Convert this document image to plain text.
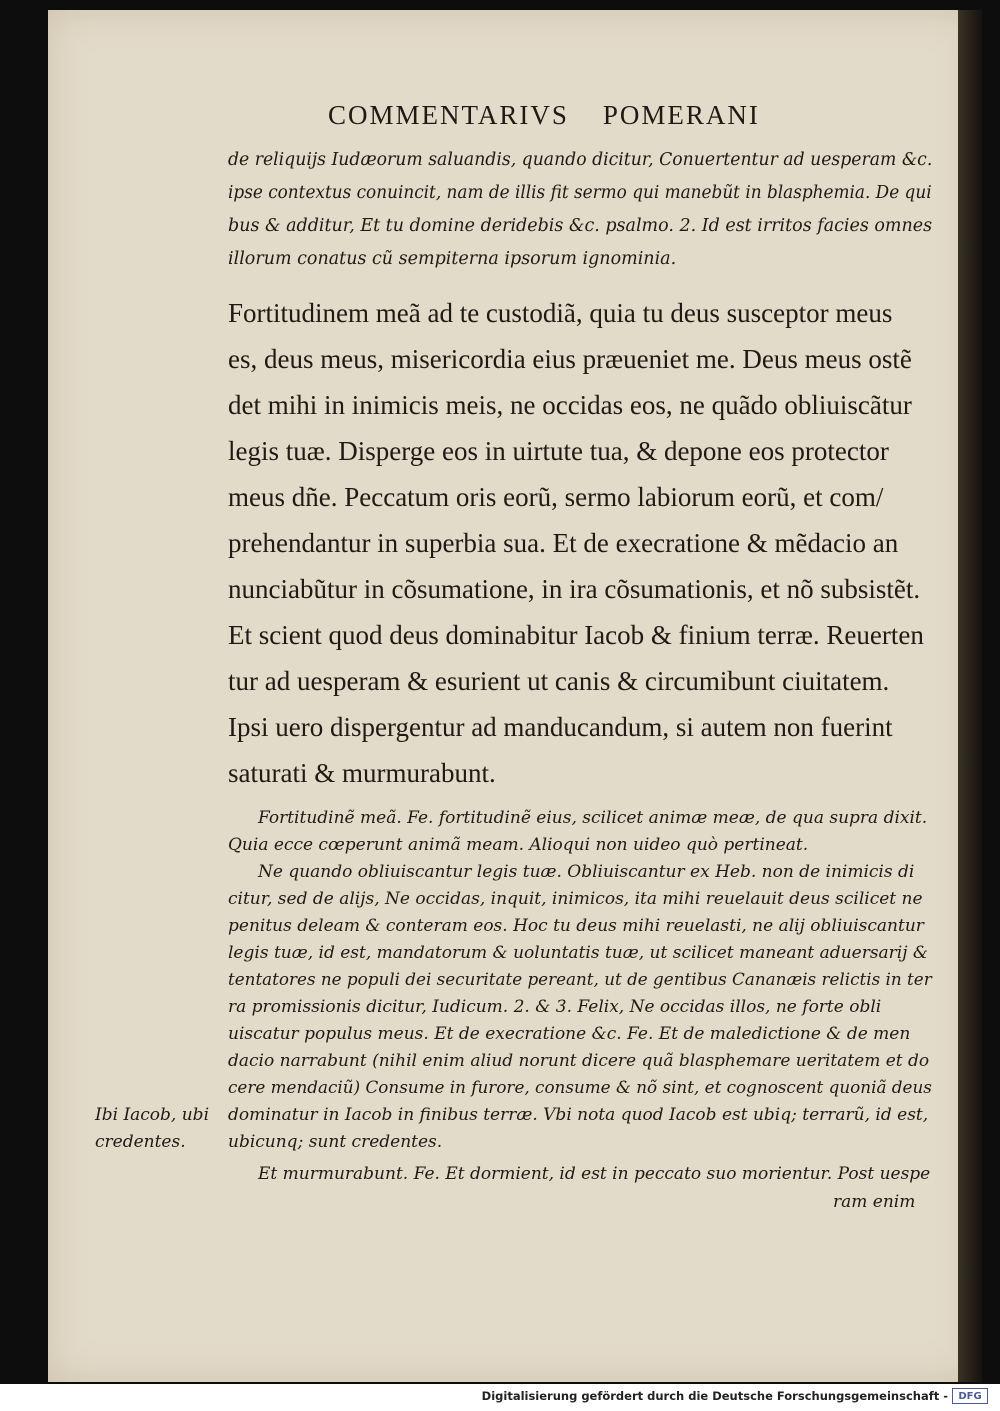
COMMENTARIVS POMERANI
de reliquijs Iudæorum saluandis, quando dicitur, Conuertentur ad uesperam &c.
ipse contextus conuincit, nam de illis fit sermo qui manebũt in blasphemia. De qui
bus & additur, Et tu domine deridebis &c. psalmo. 2. Id est irritos facies omnes
illorum conatus cũ sempiterna ipsorum ignominia.
Fortitudinem meã ad te custodiã, quia tu deus susceptor meus
es, deus meus, misericordia eius præueniet me. Deus meus ostẽ
det mihi in inimicis meis, ne occidas eos, ne quãdo obliuiscãtur
legis tuæ. Disperge eos in uirtute tua, & depone eos protector
meus dñe. Peccatum oris eorũ, sermo labiorum eorũ, et com/
prehendantur in superbia sua. Et de execratione & mẽdacio an
nunciabũtur in cõsumatione, in ira cõsumationis, et nõ subsistẽt.
Et scient quod deus dominabitur Iacob & finium terræ. Reuerten
tur ad uesperam & esurient ut canis & circumibunt ciuitatem.
Ipsi uero dispergentur ad manducandum, si autem non fuerint
saturati & murmurabunt.
Fortitudinẽ meã. Fe. fortitudinẽ eius, scilicet animæ meæ, de qua supra dixit.
Quia ecce cœperunt animã meam. Alioqui non uideo quò pertineat.
Ne quando obliuiscantur legis tuæ. Obliuiscantur ex Heb. non de inimicis di
citur, sed de alijs, Ne occidas, inquit, inimicos, ita mihi reuelauit deus scilicet ne
penitus deleam & conteram eos. Hoc tu deus mihi reuelasti, ne alij obliuiscantur
legis tuæ, id est, mandatorum & uoluntatis tuæ, ut scilicet maneant aduersarij &
tentatores ne populi dei securitate pereant, ut de gentibus Cananæis relictis in ter
ra promissionis dicitur, Iudicum. 2. & 3. Felix, Ne occidas illos, ne forte obli
uiscatur populus meus. Et de execratione &c. Fe. Et de maledictione & de men
dacio narrabunt (nihil enim aliud norunt dicere quã blasphemare ueritatem et do
cere mendaciũ) Consume in furore, consume & nõ sint, et cognoscent quoniã deus
dominatur in Iacob in finibus terræ. Vbi nota quod Iacob est ubiq; terrarũ, id est,
ubicunq; sunt credentes.
Et murmurabunt. Fe. Et dormient, id est in peccato suo morientur. Post uespe
ram enim
Ibi Iacob, ubi
credentes.
Digitalisierung gefördert durch die Deutsche Forschungsgemeinschaft -	DFG
